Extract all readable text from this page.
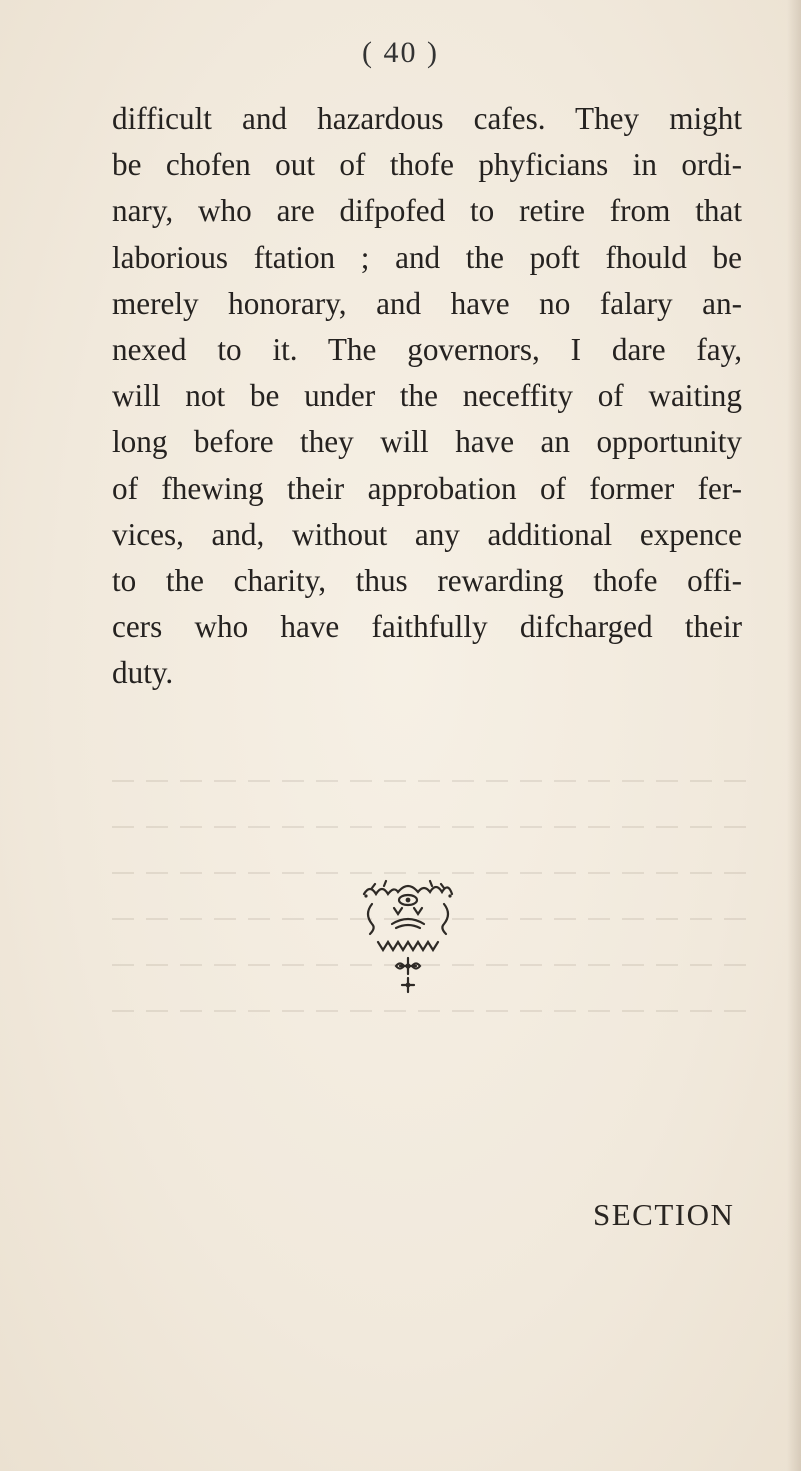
( 40 )

difficult and hazardous cafes. They might
be chofen out of thofe phyficians in ordi-
nary, who are difpofed to retire from that
laborious ftation ; and the poft fhould be
merely honorary, and have no falary an-
nexed to it. The governors, I dare fay,
will not be under the neceffity of waiting
long before they will have an opportunity
of fhewing their approbation of former fer-
vices, and, without any additional expence
to the charity, thus rewarding thofe offi-
cers who have faithfully difcharged their
duty.

SECTION
